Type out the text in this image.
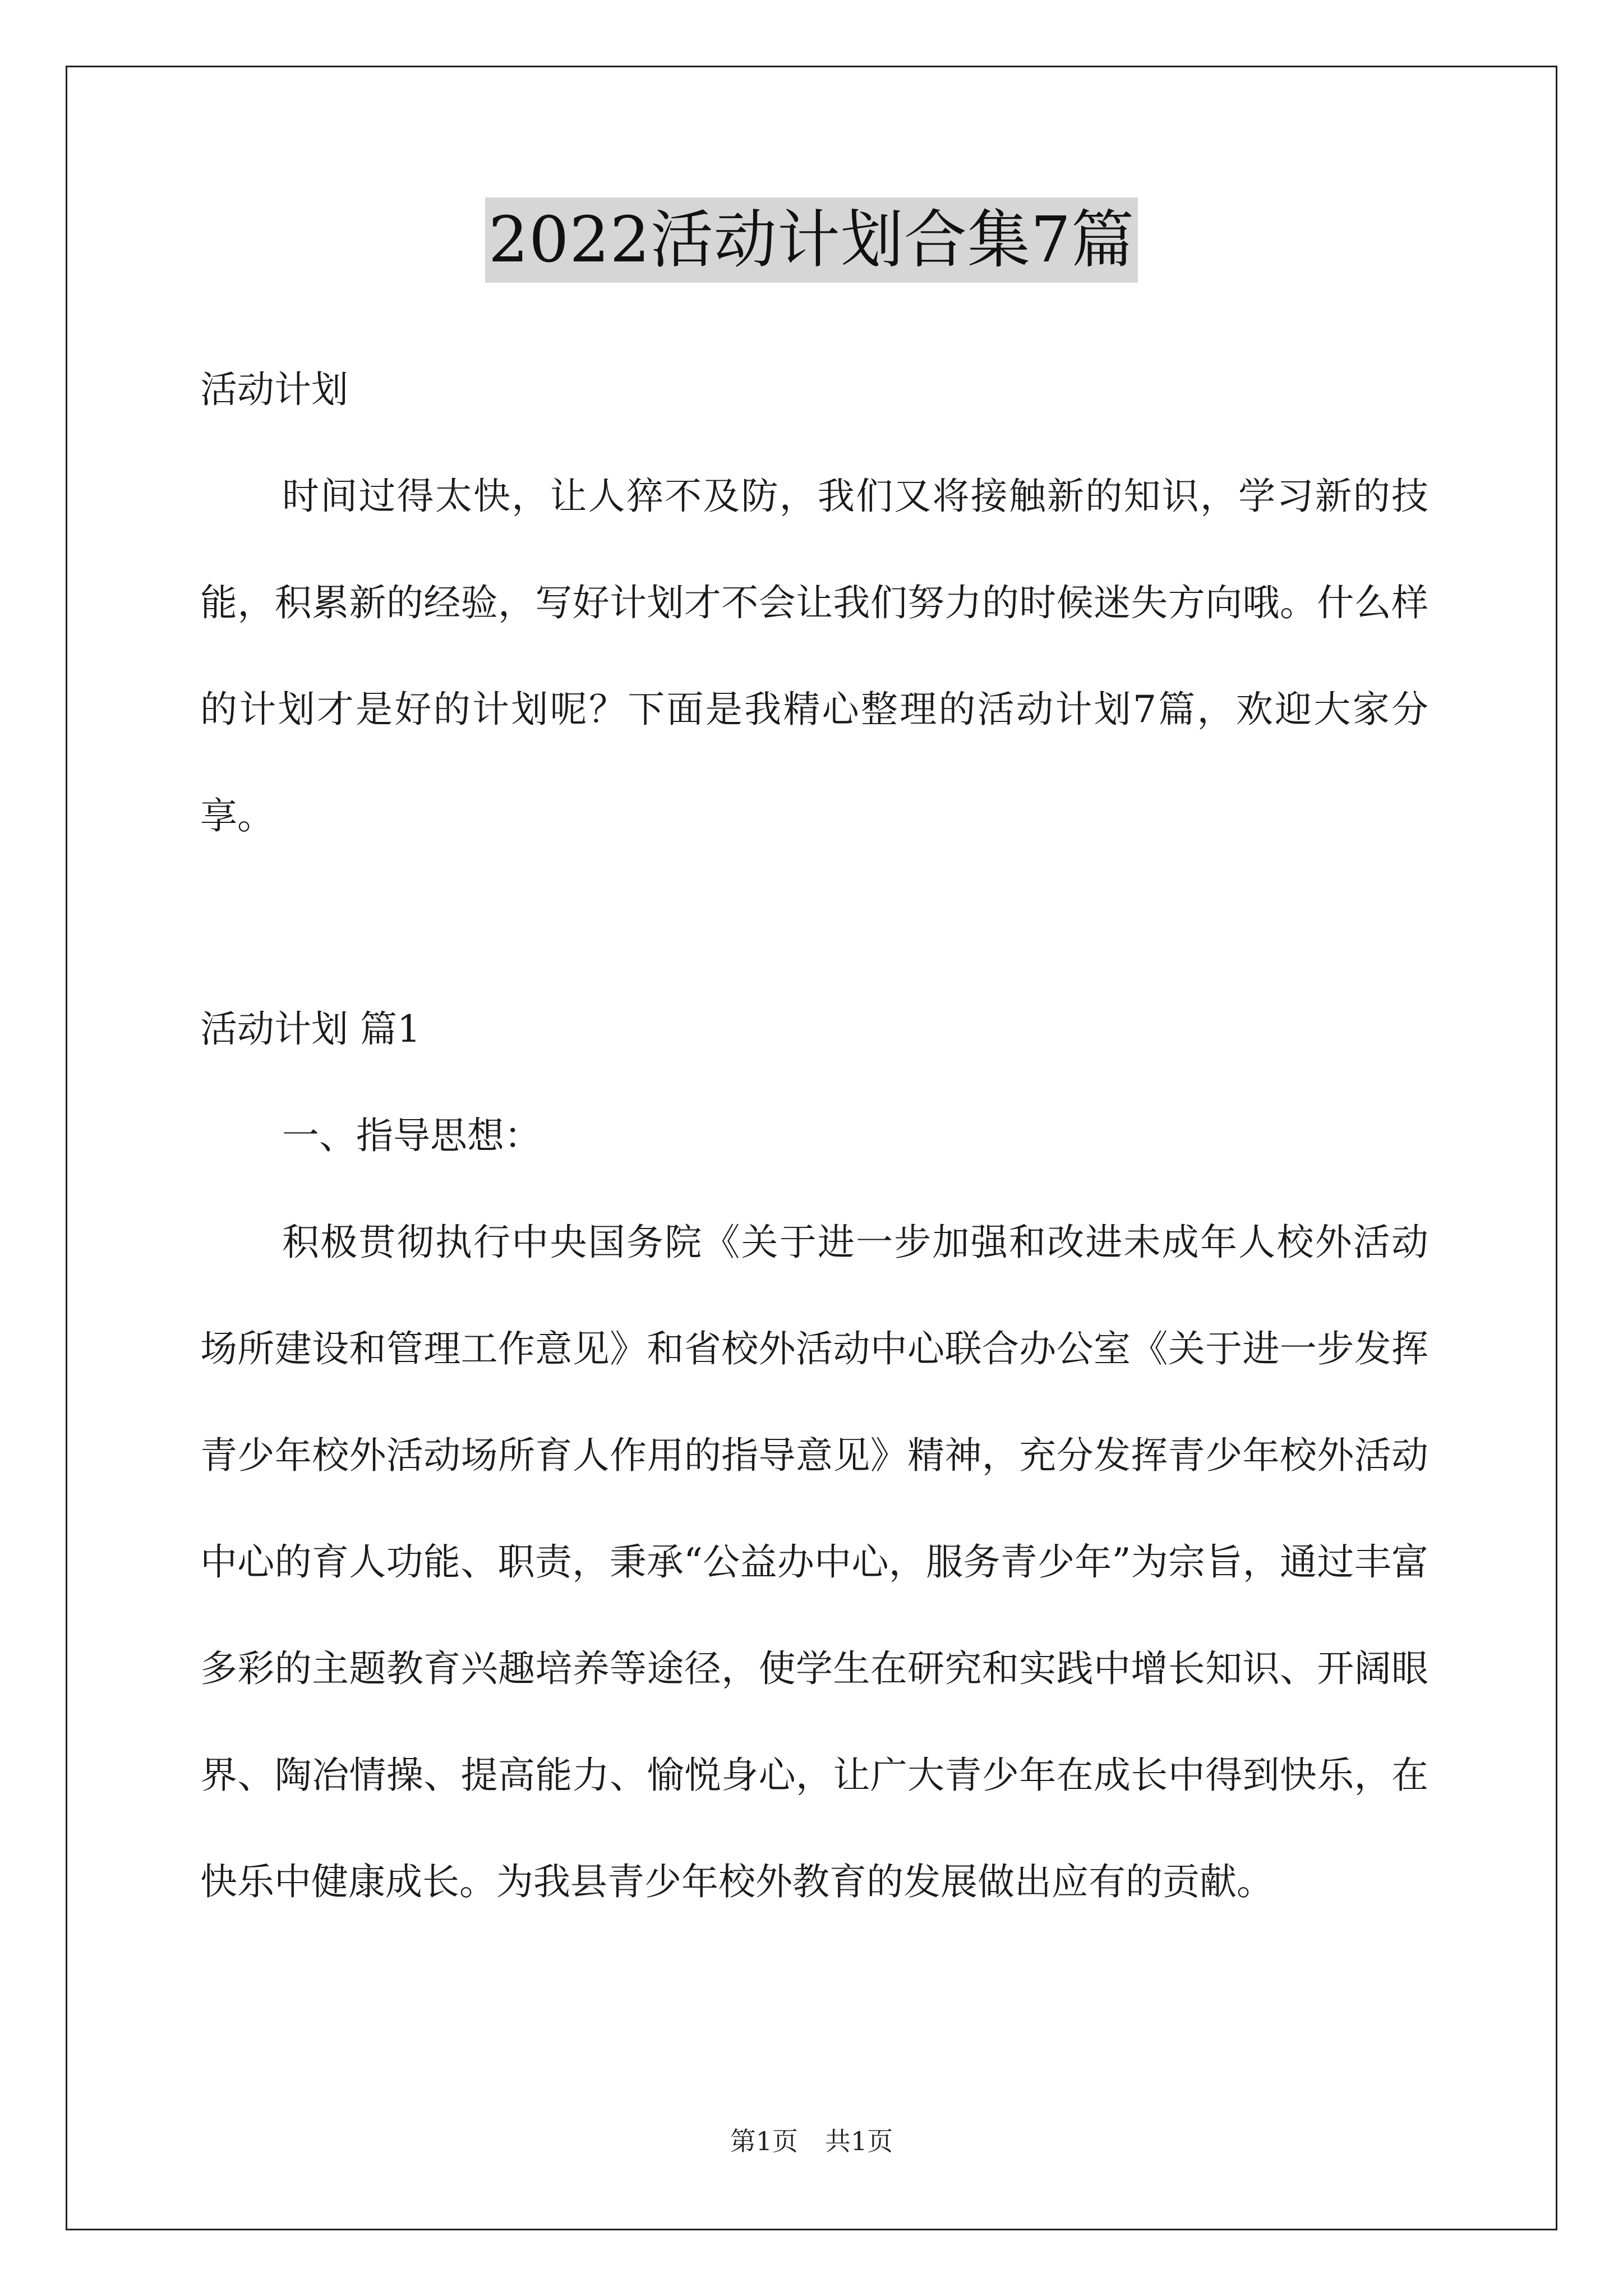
2022活动计划合集7篇

活动计划

时间过得太快，让人猝不及防，我们又将接触新的知识，学习新的技能，积累新的经验，写好计划才不会让我们努力的时候迷失方向哦。什么样的计划才是好的计划呢？下面是我精心整理的活动计划7篇，欢迎大家分享。

活动计划 篇1

一、指导思想：

积极贯彻执行中央国务院《关于进一步加强和改进未成年人校外活动场所建设和管理工作意见》和省校外活动中心联合办公室《关于进一步发挥青少年校外活动场所育人作用的指导意见》精神，充分发挥青少年校外活动中心的育人功能、职责，秉承“公益办中心，服务青少年”为宗旨，通过丰富多彩的主题教育兴趣培养等途径，使学生在研究和实践中增长知识、开阔眼界、陶冶情操、提高能力、愉悦身心，让广大青少年在成长中得到快乐，在快乐中健康成长。为我县青少年校外教育的发展做出应有的贡献。

第1页 共1页
